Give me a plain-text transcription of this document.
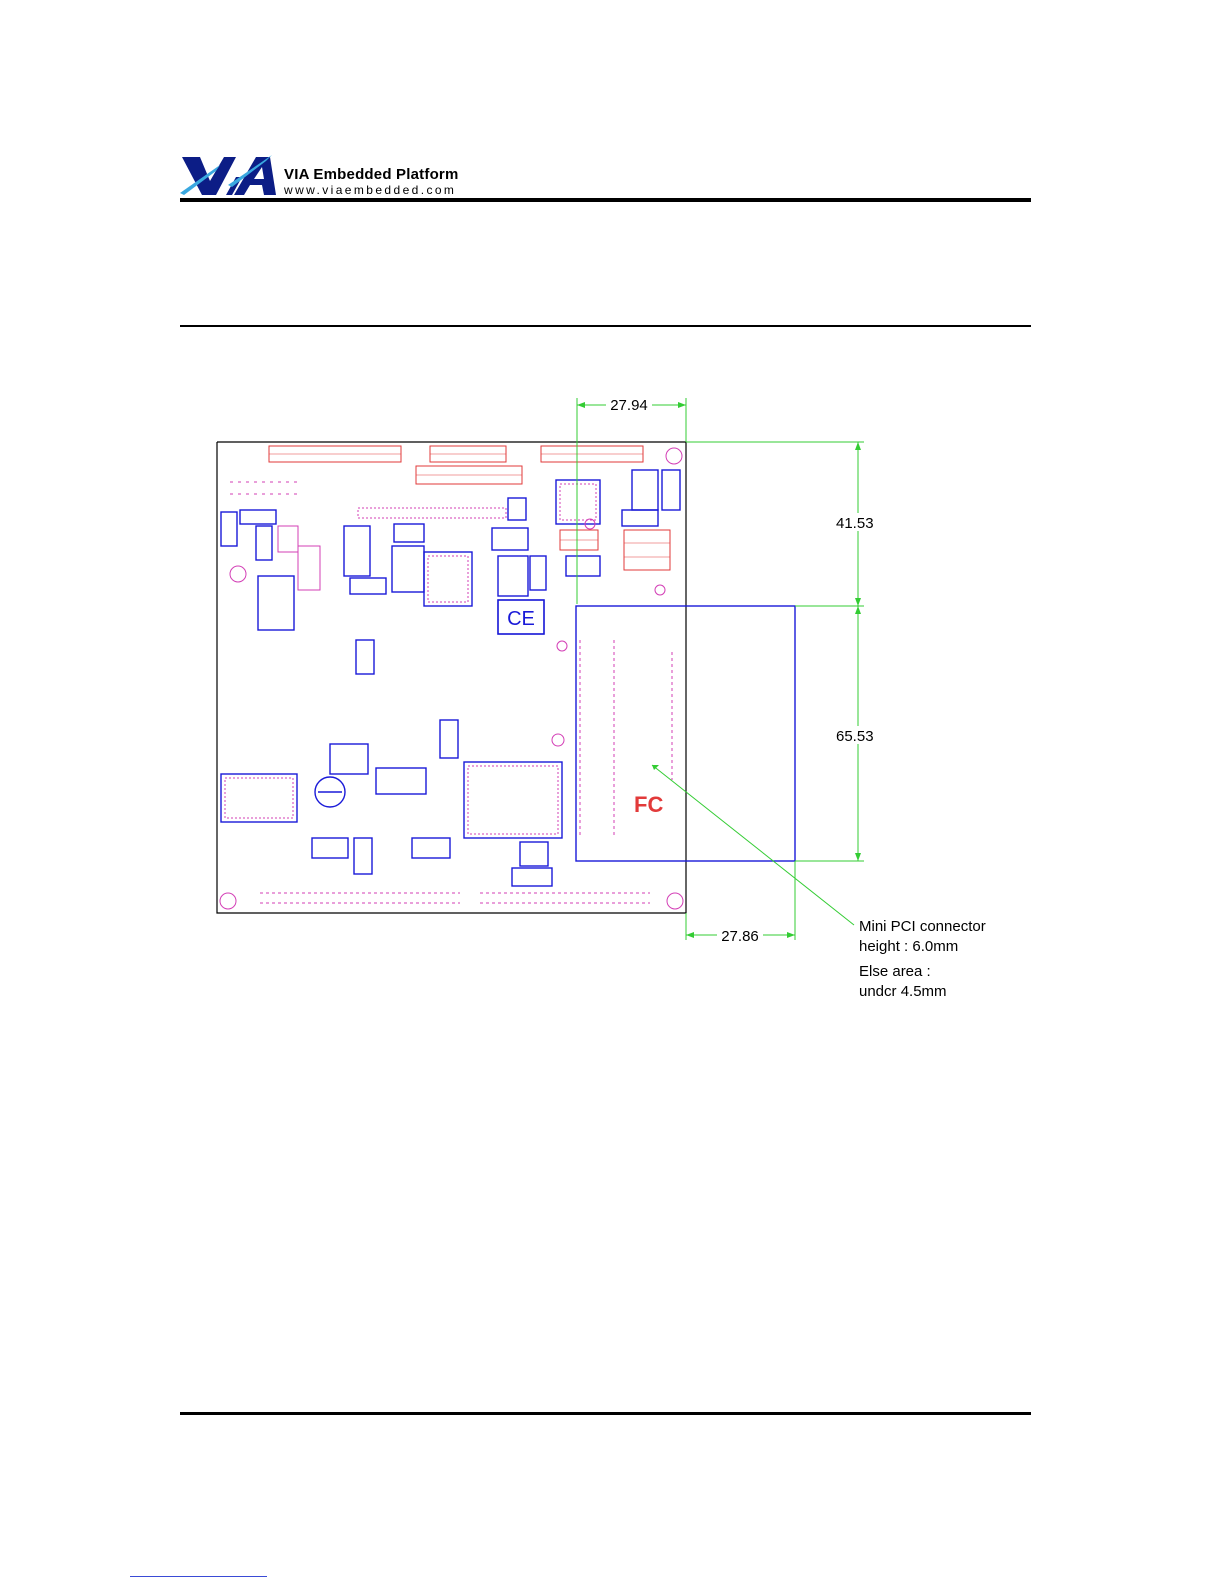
VIA Embedded Platform
www.viaembedded.com
CE
FC
27.94
41.53
65.53
27.86
Mini PCI connector
height : 6.0mm
Else area :
undcr 4.5mm
